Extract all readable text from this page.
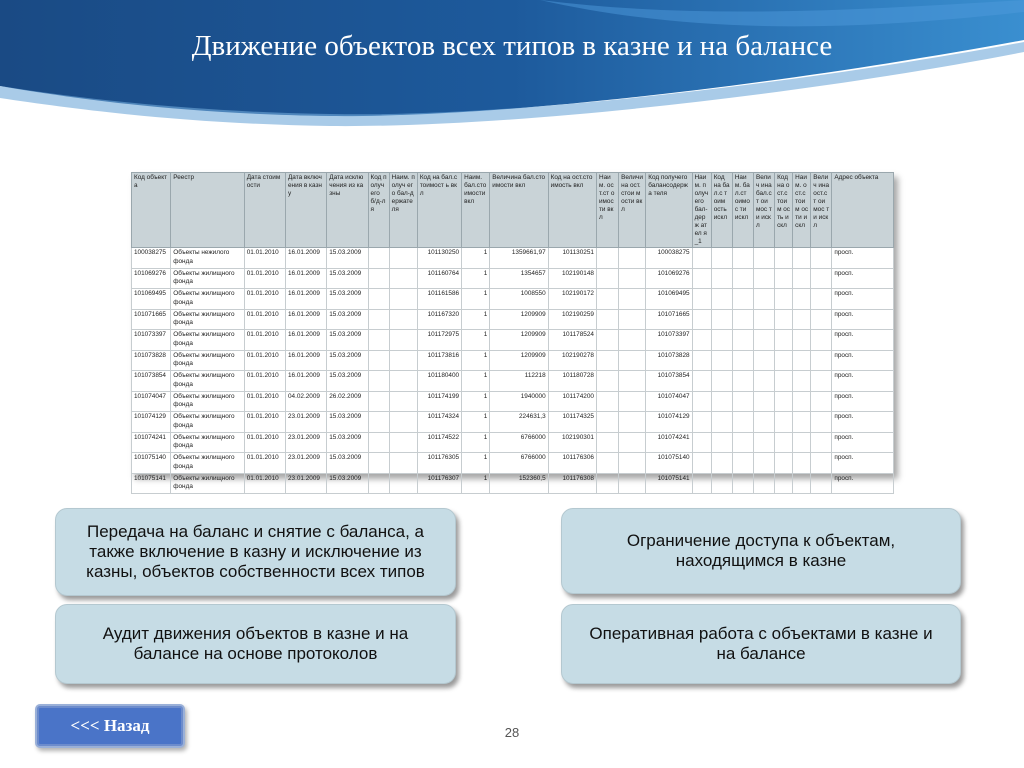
Движение объектов всех типов в казне и на балансе
Код объекта	Реестр	Дата стоимости	Дата включения в казну	Дата исключения из казны	Код получ его б/д-ля	Наим. получ его бал-держате ля	Код на бал.стоимост ь вкл	Наим. бал.сто имости вкл	Величина бал.стоимости вкл	Код на ост.стоимость вкл	Наим. ост.ст оимос ти вкл	Величи на ост.стои мости вкл	Код получего балансодержа теля	Наим. получ его бал-держ ател я_1	Код на бал.с тоим ость искл	Наим. бал.ст оимос ти искл	Велич ина бал.ст оимос ти искл	Код на ост.с тоим ость искл	Наи м. ост.с тоим ости искл	Велич ина ост.ст оимос ти искл	Адрес объекта
100038275	Объекты нежилого фонда	01.01.2010	16.01.2009	15.03.2009			101130250	1	1359661,97	101130251			100038275								просп.
101069276	Объекты жилищного фонда	01.01.2010	16.01.2009	15.03.2009			101160764	1	1354657	102190148			101069276								просп.
101069495	Объекты жилищного фонда	01.01.2010	16.01.2009	15.03.2009			101161586	1	1008550	102190172			101069495								просп.
101071665	Объекты жилищного фонда	01.01.2010	16.01.2009	15.03.2009			101167320	1	1209909	102190259			101071665								просп.
101073397	Объекты жилищного фонда	01.01.2010	16.01.2009	15.03.2009			101172975	1	1209909	101178524			101073397								просп.
101073828	Объекты жилищного фонда	01.01.2010	16.01.2009	15.03.2009			101173816	1	1209909	102190278			101073828								просп.
101073854	Объекты жилищного фонда	01.01.2010	16.01.2009	15.03.2009			101180400	1	112218	101180728			101073854								просп.
101074047	Объекты жилищного фонда	01.01.2010	04.02.2009	26.02.2009			101174199	1	1940000	101174200			101074047								просп.
101074129	Объекты жилищного фонда	01.01.2010	23.01.2009	15.03.2009			101174324	1	224631,3	101174325			101074129								просп.
101074241	Объекты жилищного фонда	01.01.2010	23.01.2009	15.03.2009			101174522	1	6766000	102190301			101074241								просп.
101075140	Объекты жилищного фонда	01.01.2010	23.01.2009	15.03.2009			101176305	1	6766000	101176306			101075140								просп.
101075141	Объекты жилищного фонда	01.01.2010	23.01.2009	15.03.2009			101176307	1	152360,5	101176308			101075141								просп.
Передача на баланс и снятие с баланса, а также включение в казну и исключение из казны, объектов собственности всех типов
Ограничение доступа к объектам, находящимся в казне
Аудит движения объектов в казне и на балансе на основе протоколов
Оперативная работа с объектами в казне и на балансе
<<< Назад	28
